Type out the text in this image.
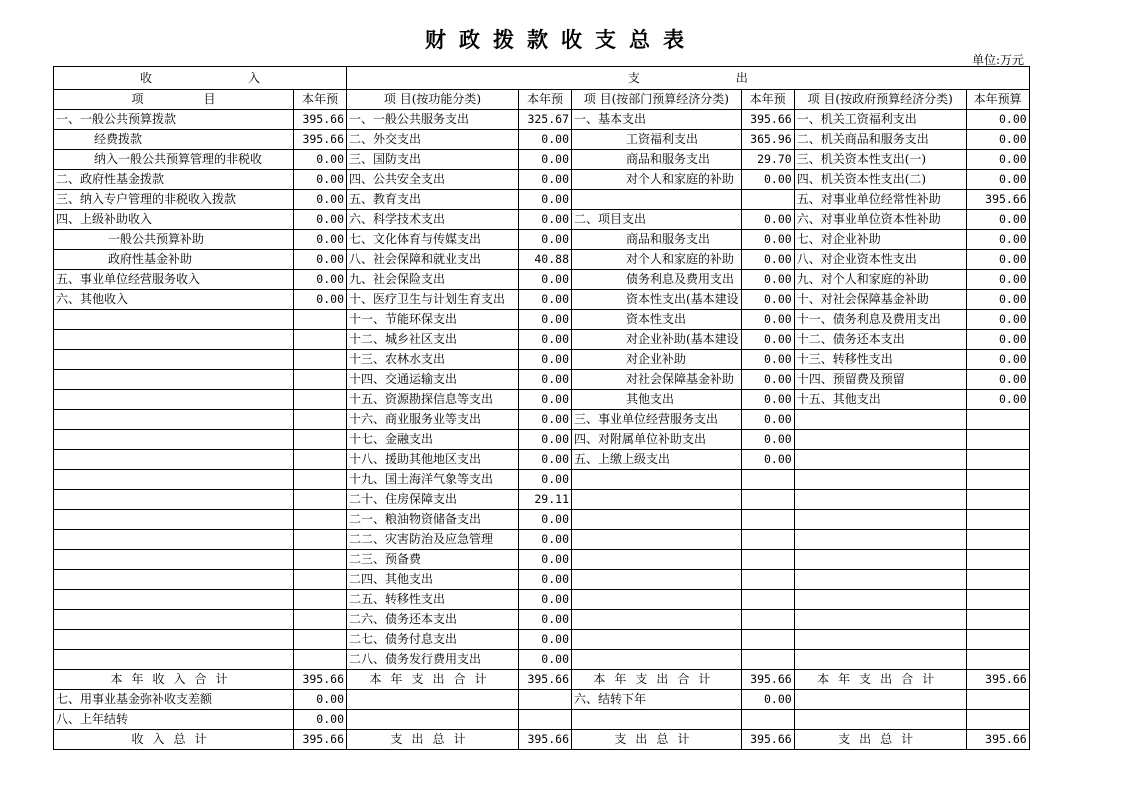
财政拨款收支总表
单位:万元
收　　　　　　　　入		支　　　　　　　　出					
项　　　　　目	本年预	项 目(按功能分类)	本年预	项 目(按部门预算经济分类)	本年预	项 目(按政府预算经济分类)	本年预算
一、一般公共预算拨款	395.66	一、一般公共服务支出	325.67	一、基本支出	395.66	一、机关工资福利支出	0.00
经费拨款	395.66	二、外交支出	0.00	工资福利支出	365.96	二、机关商品和服务支出	0.00
纳入一般公共预算管理的非税收	0.00	三、国防支出	0.00	商品和服务支出	29.70	三、机关资本性支出(一)	0.00
二、政府性基金拨款	0.00	四、公共安全支出	0.00	对个人和家庭的补助	0.00	四、机关资本性支出(二)	0.00
三、纳入专户管理的非税收入拨款	0.00	五、教育支出	0.00			五、对事业单位经常性补助	395.66
四、上级补助收入	0.00	六、科学技术支出	0.00	二、项目支出	0.00	六、对事业单位资本性补助	0.00
一般公共预算补助	0.00	七、文化体育与传媒支出	0.00	商品和服务支出	0.00	七、对企业补助	0.00
政府性基金补助	0.00	八、社会保障和就业支出	40.88	对个人和家庭的补助	0.00	八、对企业资本性支出	0.00
五、事业单位经营服务收入	0.00	九、社会保险支出	0.00	债务利息及费用支出	0.00	九、对个人和家庭的补助	0.00
六、其他收入	0.00	十、医疗卫生与计划生育支出	0.00	资本性支出(基本建设	0.00	十、对社会保障基金补助	0.00
		十一、节能环保支出	0.00	资本性支出	0.00	十一、债务利息及费用支出	0.00
		十二、城乡社区支出	0.00	对企业补助(基本建设	0.00	十二、债务还本支出	0.00
		十三、农林水支出	0.00	对企业补助	0.00	十三、转移性支出	0.00
		十四、交通运输支出	0.00	对社会保障基金补助	0.00	十四、预留费及预留	0.00
		十五、资源勘探信息等支出	0.00	其他支出	0.00	十五、其他支出	0.00
		十六、商业服务业等支出	0.00	三、事业单位经营服务支出	0.00		
		十七、金融支出	0.00	四、对附属单位补助支出	0.00		
		十八、援助其他地区支出	0.00	五、上缴上级支出	0.00		
		十九、国土海洋气象等支出	0.00				
		二十、住房保障支出	29.11				
		二一、粮油物资储备支出	0.00				
		二二、灾害防治及应急管理	0.00				
		二三、预备费	0.00				
		二四、其他支出	0.00				
		二五、转移性支出	0.00				
		二六、债务还本支出	0.00				
		二七、债务付息支出	0.00				
		二八、债务发行费用支出	0.00				
本年收入合计	395.66	本年支出合计	395.66	本年支出合计	395.66	本年支出合计	395.66
七、用事业基金弥补收支差额	0.00			六、结转下年	0.00		
八、上年结转	0.00						
收入总计	395.66	支出总计	395.66	支出总计	395.66	支出总计	395.66
